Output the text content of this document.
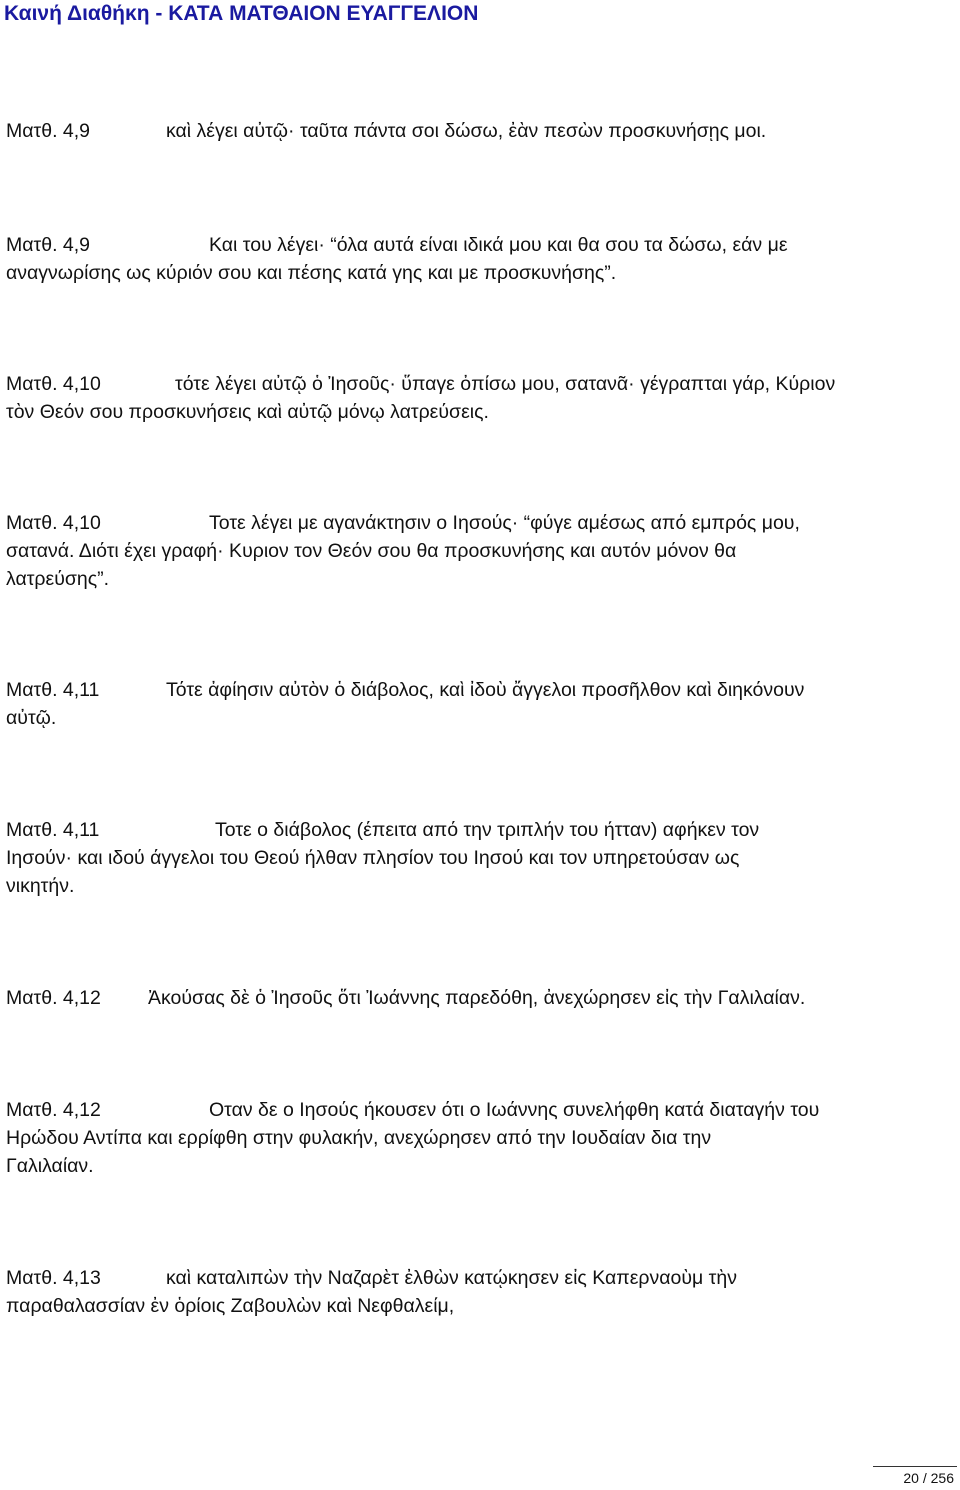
Καινή Διαθήκη - ΚΑΤΑ ΜΑΤΘΑΙΟΝ ΕΥΑΓΓΕΛΙΟΝ
Ματθ. 4,9	καὶ λέγει αὐτῷ· ταῦτα πάντα σοι δώσω, ἐὰν πεσὼν προσκυνήσῃς μοι.
Ματθ. 4,9	Και του λέγει· “όλα αυτά είναι ιδικά μου και θα σου τα δώσω, εάν με
αναγνωρίσης ως κύριόν σου και πέσης κατά γης και με προσκυνήσης”.
Ματθ. 4,10	τότε λέγει αὐτῷ ὁ Ἰησοῦς· ὕπαγε ὀπίσω μου, σατανᾶ· γέγραπται γάρ, Κύριον
τὸν Θεόν σου προσκυνήσεις καὶ αὐτῷ μόνῳ λατρεύσεις.
Ματθ. 4,10	Τοτε λέγει με αγανάκτησιν ο Ιησούς· “φύγε αμέσως από εμπρός μου,
σατανά. Διότι έχει γραφή· Κυριον τον Θεόν σου θα προσκυνήσης και αυτόν μόνον θα
λατρεύσης”.
Ματθ. 4,11	Τότε ἀφίησιν αὐτὸν ὁ διάβολος, καὶ ἰδοὺ ἄγγελοι προσῆλθον καὶ διηκόνουν
αὐτῷ.
Ματθ. 4,11	Τοτε ο διάβολος (έπειτα από την τριπλήν του ήτταν) αφήκεν τον
Ιησούν· και ιδού άγγελοι του Θεού ήλθαν πλησίον του Ιησού και τον υπηρετούσαν ως
νικητήν.
Ματθ. 4,12 Ἀκούσας δὲ ὁ Ἰησοῦς ὅτι Ἰωάννης παρεδόθη, ἀνεχώρησεν εἰς τὴν Γαλιλαίαν.
Ματθ. 4,12	Οταν δε ο Ιησούς ήκουσεν ότι ο Ιωάννης συνελήφθη κατά διαταγήν του
Ηρώδου Αντίπα και ερρίφθη στην φυλακήν, ανεχώρησεν από την Ιουδαίαν δια την
Γαλιλαίαν.
Ματθ. 4,13	καὶ καταλιπὼν τὴν Ναζαρὲτ ἐλθὼν κατῴκησεν εἰς Καπερναοὺμ τὴν
παραθαλασσίαν ἐν ὁρίοις Ζαβουλὼν καὶ Νεφθαλείμ,
20 / 256
